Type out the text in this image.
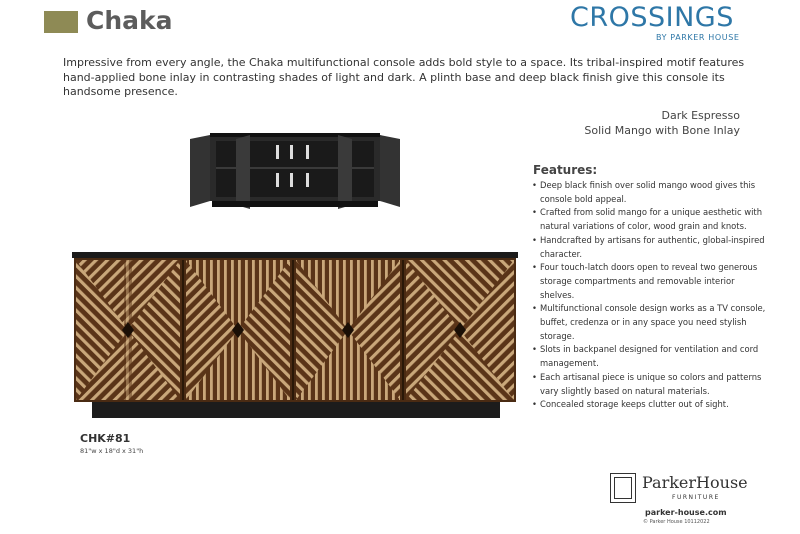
Chaka	CROSSINGS
BY PARKER HOUSE

Impressive from every angle, the Chaka multifunctional console adds bold style to a space. Its tribal-inspired motif features hand-applied bone inlay in contrasting shades of light and dark. A plinth base and deep black finish give this console its handsome presence.

Dark Espresso
Solid Mango with Bone Inlay
CHK#81
81"w x 18"d x 31"h
Features:
• Deep black finish over solid mango wood gives this console bold appeal.
• Crafted from solid mango for a unique aesthetic with natural variations of color, wood grain and knots.
• Handcrafted by artisans for authentic, global-inspired character.
• Four touch-latch doors open to reveal two generous storage compartments and removable interior shelves.
• Multifunctional console design works as a TV console, buffet, credenza or in any space you need stylish storage.
• Slots in backpanel designed for ventilation and cord management.
• Each artisanal piece is unique so colors and patterns vary slightly based on natural materials.
• Concealed storage keeps clutter out of sight.
ParkerHouse
FURNITURE
parker-house.com
© Parker House 10112022
